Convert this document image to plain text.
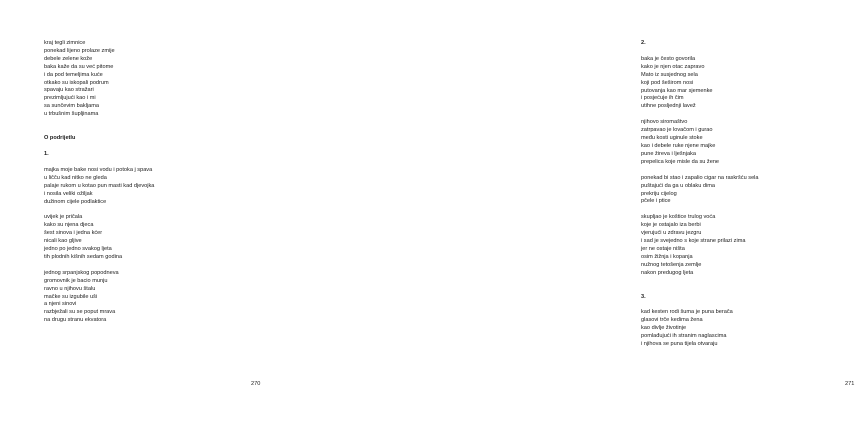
kraj tegli zimnice
ponekad lijeno prolaze zmije
debele zelene kože
baka kaže da su već pitome
i da pod temeljima kuće
otkako su iskopali podrum
spavaju kao stražari
prezimljujući kao i mi
sa sunčevim baklјama
u trbušnim šupljinama
O podrijetlu
1.
majka moje bake nosi vodu i potoka j spava
u ličču kad nitko ne gleda
palaje rukom u kotao pun masti kad djevojka
i nosila veliki ožiljak
dužinom cijele podlaktice
uvijek je pričala
kako su njena djeca
šest sinova i jedna kćer
nicali kao gljive
jedno po jedno svakog ljeta
tih plodnih kišnih sedam godina
jednog srpanjskog popodneva
gromovnik je bacio munju
ravno u njihovu štalu
mačke su izgubile uši
a njeni sinovi
razbježali su se poput mrava
na drugu stranu ekvatora
270
2.
baka je često govorila
kako je njen otac zapravo
Mato iz susjednog sela
koji pod šeširom nosi
putovanja kao mar sjemenke
i posjećuje ih čim
utihne posljednji lavež
njihovo siromaštvo
zatrpavao je lovačom i gurao
među kosti uginule stoke
kao i debele ruke njene majke
pune žireva i lješnjaka
prepelica koje misle da su žene
ponekad bi stao i zapalio cigar na raskršću sela
puštajući da ga u oblaku dima
prekriju cijelog
pčele i ptice
skupljao je koštice trulog voća
koje je ostajalo iza berbi
vjerujući u zdravu jezgru
i sad je svejedno s koje strane prilazi zima
jer ne ostaje ništa
osim žižnja i kopanja
nužnog tetošenja zemlje
nakon predugog ljeta
3.
kad kesten rodi šuma je puna berača
glasovi trče kedima žena
kao divlje životinje
pomlađujući ih stranim naglascima
i njihova se puna tijela otvaraju
271
